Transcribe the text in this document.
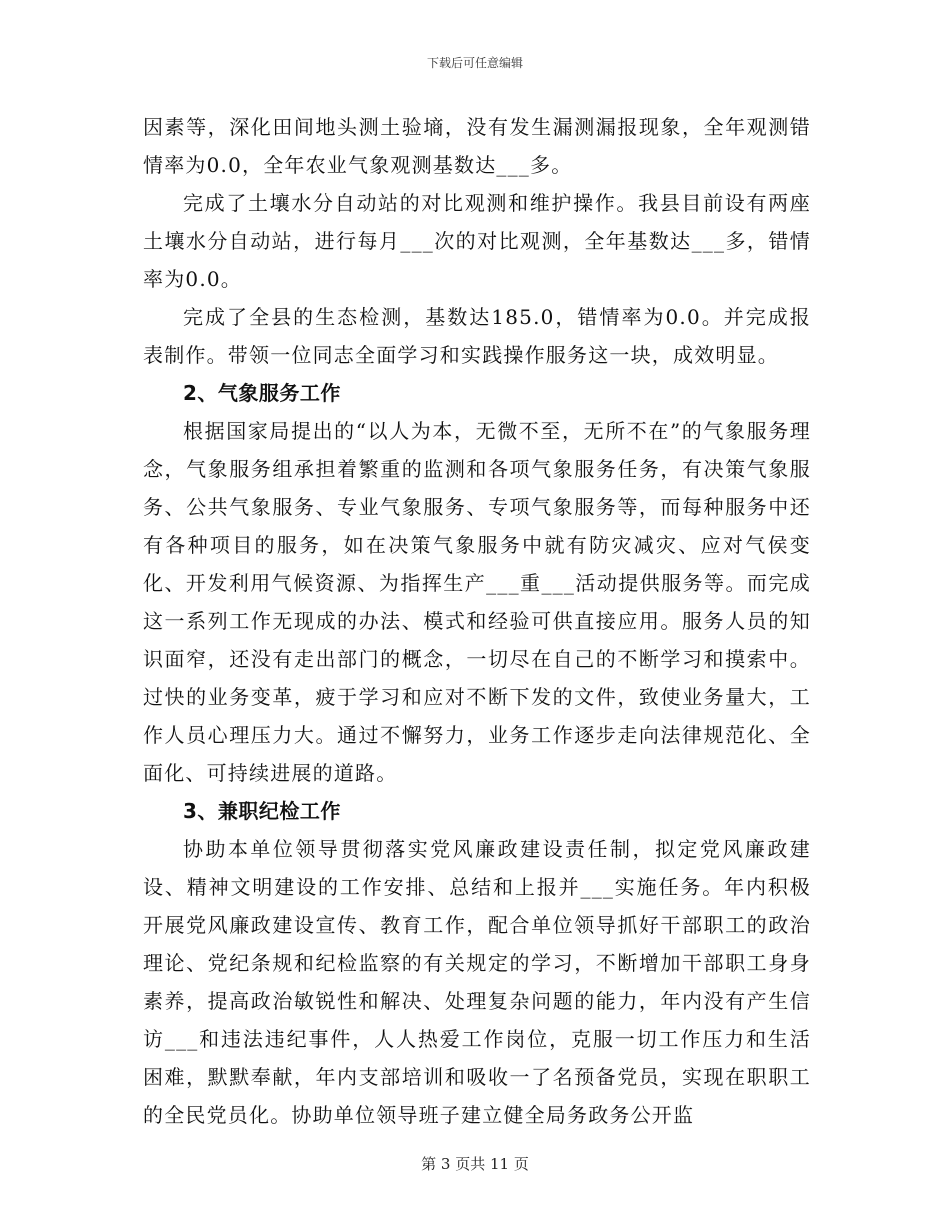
下载后可任意编辑

因素等，深化田间地头测土验墒，没有发生漏测漏报现象，全年观测错情率为0.0，全年农业气象观测基数达___多。

完成了土壤水分自动站的对比观测和维护操作。我县目前设有两座土壤水分自动站，进行每月___次的对比观测，全年基数达___多，错情率为0.0。

完成了全县的生态检测，基数达185.0，错情率为0.0。并完成报表制作。带领一位同志全面学习和实践操作服务这一块，成效明显。

2、气象服务工作

根据国家局提出的“以人为本，无微不至，无所不在”的气象服务理念，气象服务组承担着繁重的监测和各项气象服务任务，有决策气象服务、公共气象服务、专业气象服务、专项气象服务等，而每种服务中还有各种项目的服务，如在决策气象服务中就有防灾减灾、应对气侯变化、开发利用气候资源、为指挥生产___重___活动提供服务等。而完成这一系列工作无现成的办法、模式和经验可供直接应用。服务人员的知识面窄，还没有走出部门的概念，一切尽在自己的不断学习和摸索中。过快的业务变革，疲于学习和应对不断下发的文件，致使业务量大，工作人员心理压力大。通过不懈努力，业务工作逐步走向法律规范化、全面化、可持续进展的道路。

3、兼职纪检工作

协助本单位领导贯彻落实党风廉政建设责任制，拟定党风廉政建设、精神文明建设的工作安排、总结和上报并___实施任务。年内积极开展党风廉政建设宣传、教育工作，配合单位领导抓好干部职工的政治理论、党纪条规和纪检监察的有关规定的学习，不断增加干部职工身身素养，提高政治敏锐性和解决、处理复杂问题的能力，年内没有产生信访___和违法违纪事件，人人热爱工作岗位，克服一切工作压力和生活困难，默默奉献，年内支部培训和吸收一了名预备党员，实现在职职工的全民党员化。协助单位领导班子建立健全局务政务公开监

第 3 页共 11 页
